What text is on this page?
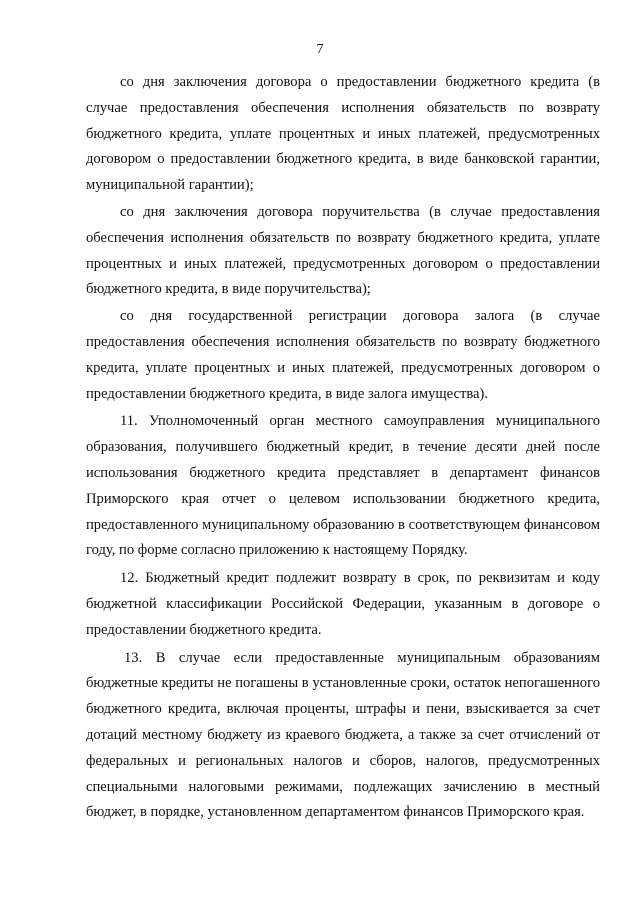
7

со дня заключения договора о предоставлении бюджетного кредита (в случае предоставления обеспечения исполнения обязательств по возврату бюджетного кредита, уплате процентных и иных платежей, предусмотренных договором о предоставлении бюджетного кредита, в виде банковской гарантии, муниципальной гарантии);

со дня заключения договора поручительства (в случае предоставления обеспечения исполнения обязательств по возврату бюджетного кредита, уплате процентных и иных платежей, предусмотренных договором о предоставлении бюджетного кредита, в виде поручительства);

со дня государственной регистрации договора залога (в случае предоставления обеспечения исполнения обязательств по возврату бюджетного кредита, уплате процентных и иных платежей, предусмотренных договором о предоставлении бюджетного кредита, в виде залога имущества).

11. Уполномоченный орган местного самоуправления муниципального образования, получившего бюджетный кредит, в течение десяти дней после использования бюджетного кредита представляет в департамент финансов Приморского края отчет о целевом использовании бюджетного кредита, предоставленного муниципальному образованию в соответствующем финансовом году, по форме согласно приложению к настоящему Порядку.

12. Бюджетный кредит подлежит возврату в срок, по реквизитам и коду бюджетной классификации Российской Федерации, указанным в договоре о предоставлении бюджетного кредита.

13. В случае если предоставленные муниципальным образованиям бюджетные кредиты не погашены в установленные сроки, остаток непогашенного бюджетного кредита, включая проценты, штрафы и пени, взыскивается за счет дотаций местному бюджету из краевого бюджета, а также за счет отчислений от федеральных и региональных налогов и сборов, налогов, предусмотренных специальными налоговыми режимами, подлежащих зачислению в местный бюджет, в порядке, установленном департаментом финансов Приморского края.
